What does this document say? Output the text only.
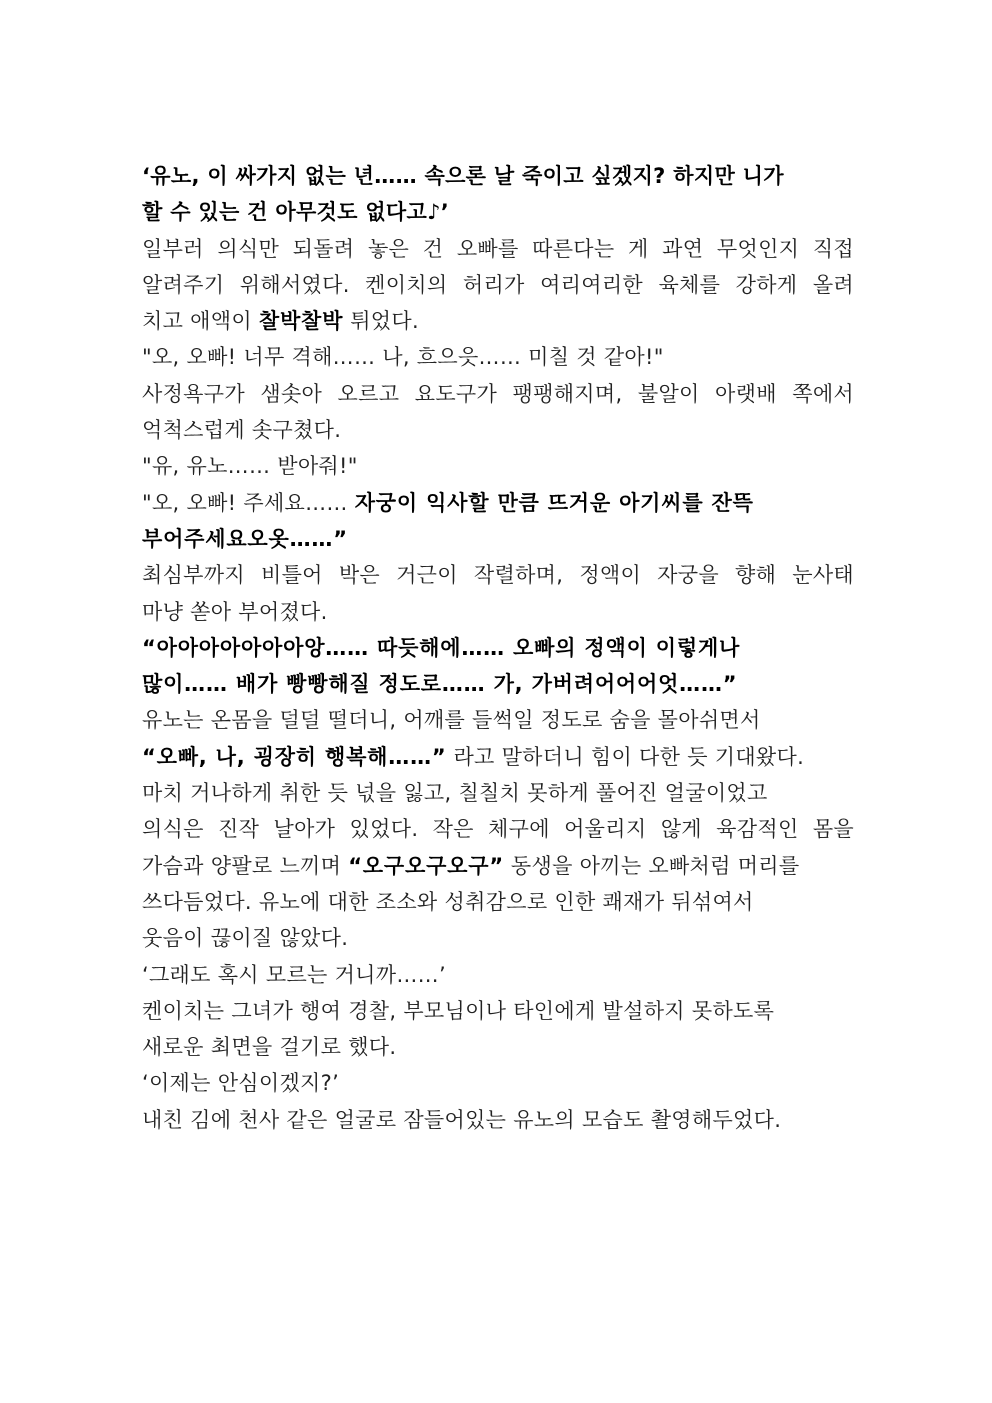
‘유노, 이 싸가지 없는 년…… 속으론 날 죽이고 싶겠지? 하지만 니가
할 수 있는 건 아무것도 없다고♪’
일부러 의식만 되돌려 놓은 건 오빠를 따른다는 게 과연 무엇인지 직접
알려주기 위해서였다. 켄이치의 허리가 여리여리한 육체를 강하게 올려
치고 애액이 찰박찰박 튀었다.
"오, 오빠! 너무 격해…… 나, 흐으읏…… 미칠 것 같아!"
사정욕구가 샘솟아 오르고 요도구가 팽팽해지며, 불알이 아랫배 쪽에서
억척스럽게 솟구쳤다.
"유, 유노…… 받아줘!"
"오, 오빠! 주세요…… 자궁이 익사할 만큼 뜨거운 아기씨를 잔뜩
부어주세요오옷……”
최심부까지 비틀어 박은 거근이 작렬하며, 정액이 자궁을 향해 눈사태
마냥 쏟아 부어졌다.
“아아아아아아아앙…… 따듯해에…… 오빠의 정액이 이렇게나
많이…… 배가 빵빵해질 정도로…… 가, 가버려어어어엇……”
유노는 온몸을 덜덜 떨더니, 어깨를 들썩일 정도로 숨을 몰아쉬면서
“오빠, 나, 굉장히 행복해……” 라고 말하더니 힘이 다한 듯 기대왔다.
마치 거나하게 취한 듯 넋을 잃고, 칠칠치 못하게 풀어진 얼굴이었고
의식은 진작 날아가 있었다. 작은 체구에 어울리지 않게 육감적인 몸을
가슴과 양팔로 느끼며 “오구오구오구” 동생을 아끼는 오빠처럼 머리를
쓰다듬었다. 유노에 대한 조소와 성취감으로 인한 쾌재가 뒤섞여서
웃음이 끊이질 않았다.
‘그래도 혹시 모르는 거니까……’
켄이치는 그녀가 행여 경찰, 부모님이나 타인에게 발설하지 못하도록
새로운 최면을 걸기로 했다.
‘이제는 안심이겠지?’
내친 김에 천사 같은 얼굴로 잠들어있는 유노의 모습도 촬영해두었다.
